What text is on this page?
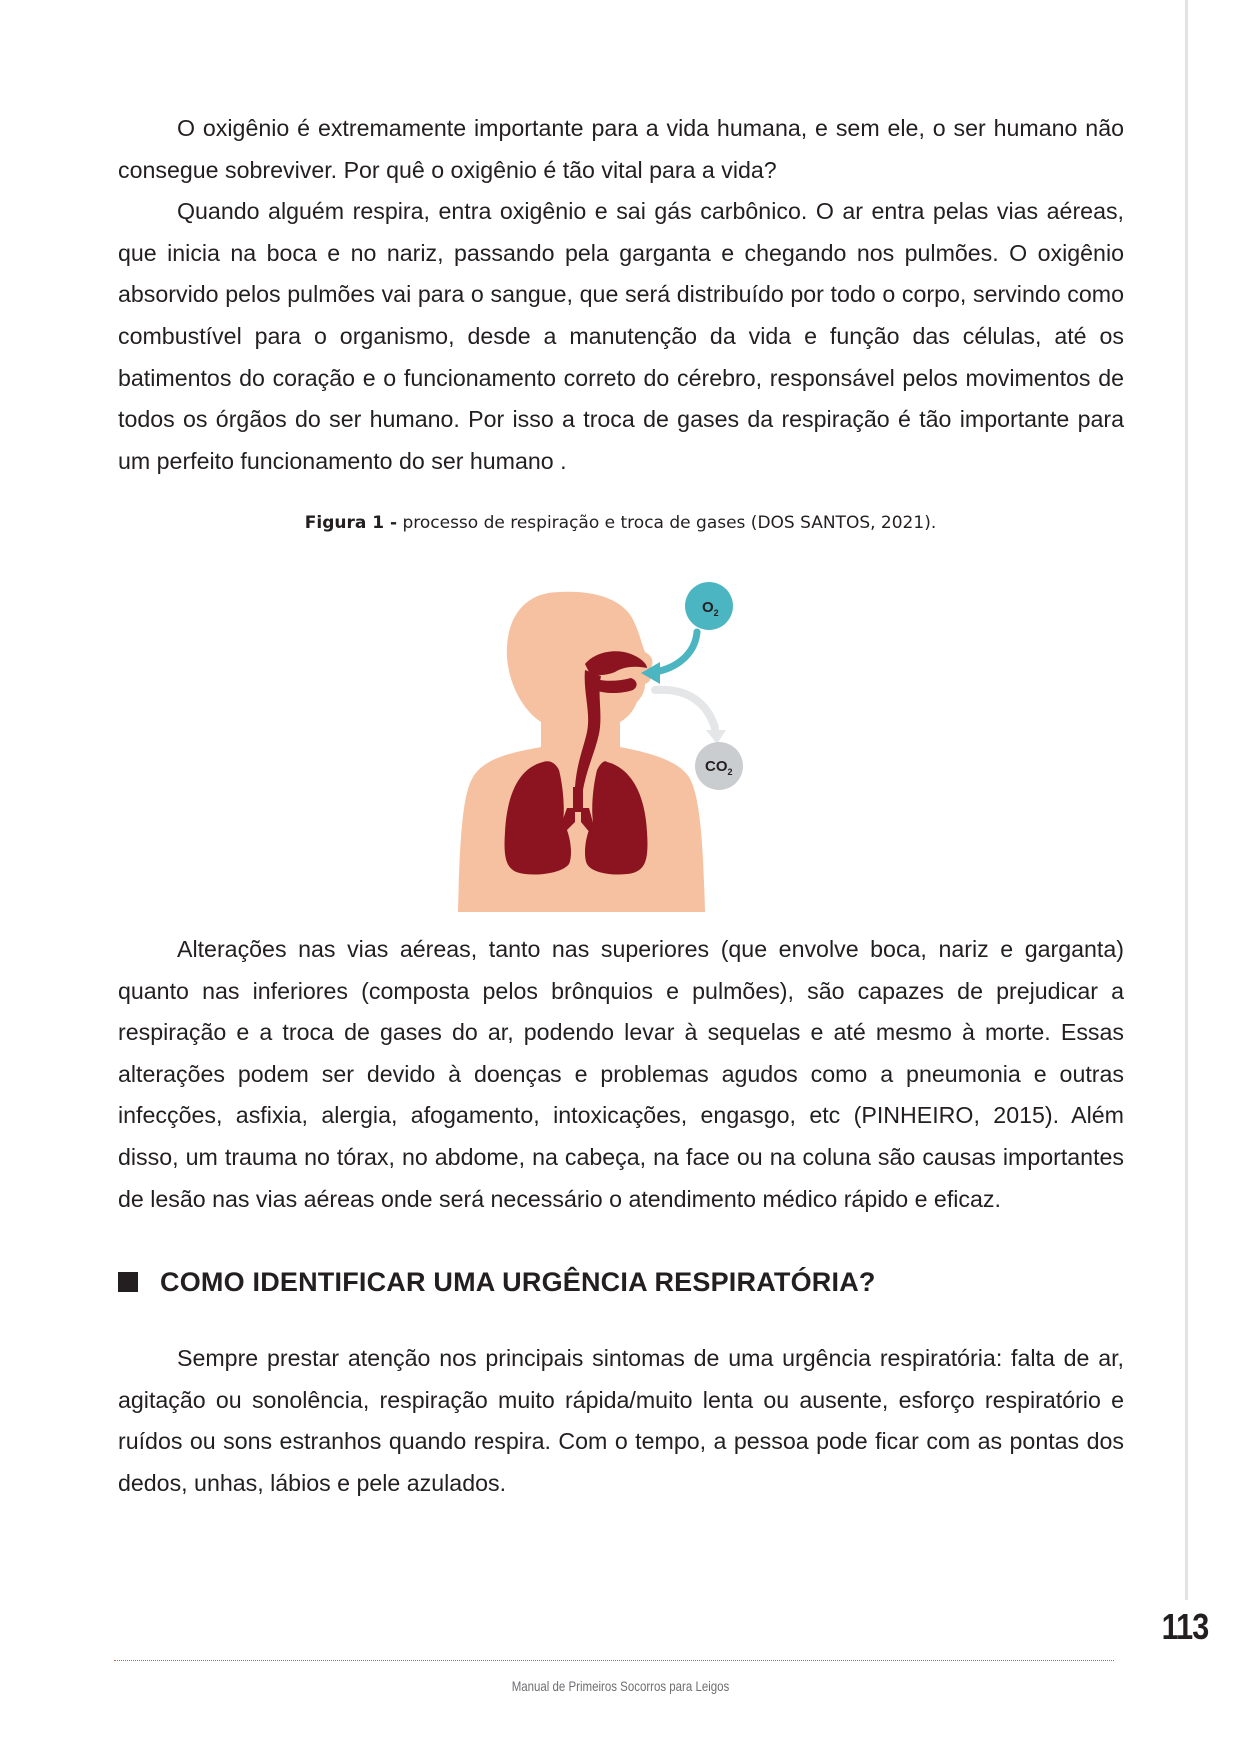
O oxigênio é extremamente importante para a vida humana, e sem ele, o ser humano não consegue sobreviver. Por quê o oxigênio é tão vital para a vida?

Quando alguém respira, entra oxigênio e sai gás carbônico. O ar entra pelas vias aéreas, que inicia na boca e no nariz, passando pela garganta e chegando nos pulmões. O oxigênio absorvido pelos pulmões vai para o sangue, que será distribuído por todo o corpo, servindo como combustível para o organismo, desde a manutenção da vida e função das células, até os batimentos do coração e o funcionamento correto do cérebro, responsável pelos movimentos de todos os órgãos do ser humano. Por isso a troca de gases da respiração é tão importante para um perfeito funcionamento do ser humano .

Figura 1 - processo de respiração e troca de gases (DOS SANTOS, 2021).
$O_2$
$CO_2$

Alterações nas vias aéreas, tanto nas superiores (que envolve boca, nariz e garganta) quanto nas inferiores (composta pelos brônquios e pulmões), são capazes de prejudicar a respiração e a troca de gases do ar, podendo levar à sequelas e até mesmo à morte. Essas alterações podem ser devido à doenças e problemas agudos como a pneumonia e outras infecções, asfixia, alergia, afogamento, intoxicações, engasgo, etc (PINHEIRO, 2015). Além disso, um trauma no tórax, no abdome, na cabeça, na face ou na coluna são causas importantes de lesão nas vias aéreas onde será necessário o atendimento médico rápido e eficaz.

COMO IDENTIFICAR UMA URGÊNCIA RESPIRATÓRIA?

Sempre prestar atenção nos principais sintomas de uma urgência respiratória: falta de ar, agitação ou sonolência, respiração muito rápida/muito lenta ou ausente, esforço respiratório e ruídos ou sons estranhos quando respira. Com o tempo, a pessoa pode ficar com as pontas dos dedos, unhas, lábios e pele azulados.

113
Manual de Primeiros Socorros para Leigos
